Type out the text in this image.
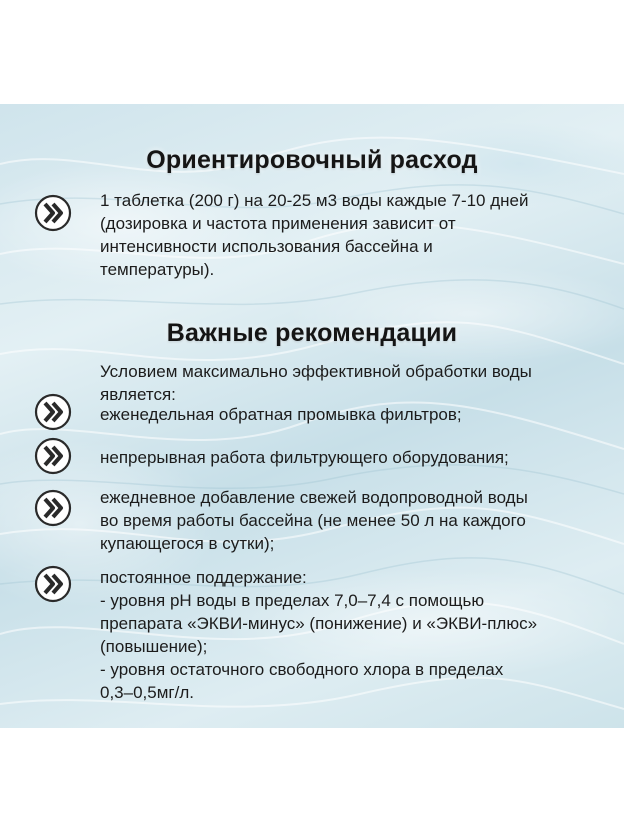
Ориентировочный расход
1 таблетка (200 г) на 20-25 м3 воды каждые 7-10 дней
(дозировка и частота применения зависит от
интенсивности использования бассейна и
температуры).
Важные рекомендации
Условием максимально эффективной обработки воды
является:
еженедельная обратная промывка фильтров;
непрерывная работа фильтрующего оборудования;
ежедневное добавление свежей водопроводной воды
во время работы бассейна (не менее 50 л на каждого
купающегося в сутки);
постоянное поддержание:
- уровня pH воды в пределах 7,0–7,4 с помощью
препарата «ЭКВИ-минус» (понижение) и «ЭКВИ-плюс»
(повышение);
- уровня остаточного свободного хлора в пределах
0,3–0,5мг/л.
